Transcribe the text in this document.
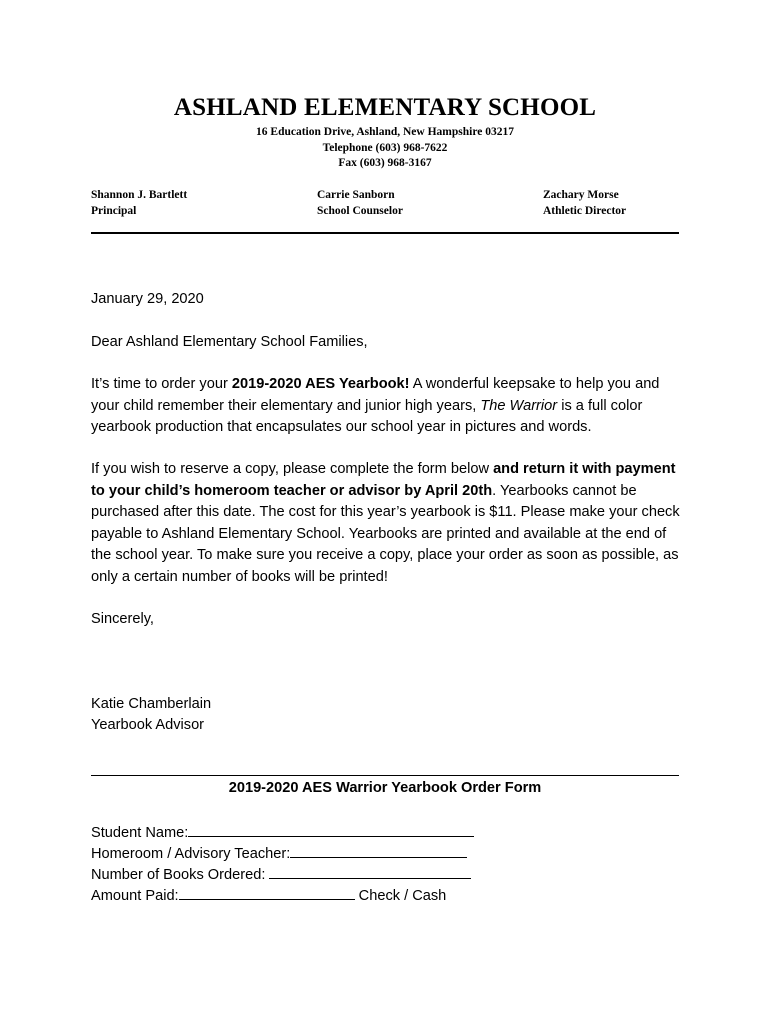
ASHLAND ELEMENTARY SCHOOL
16 Education Drive, Ashland, New Hampshire 03217
Telephone (603) 968-7622
Fax (603) 968-3167
Shannon J. Bartlett
Principal
Carrie Sanborn
School Counselor
Zachary Morse
Athletic Director
January 29, 2020
Dear Ashland Elementary School Families,

It’s time to order your 2019-2020 AES Yearbook! A wonderful keepsake to help you and your child remember their elementary and junior high years, The Warrior is a full color yearbook production that encapsulates our school year in pictures and words.

If you wish to reserve a copy, please complete the form below and return it with payment to your child’s homeroom teacher or advisor by April 20th. Yearbooks cannot be purchased after this date. The cost for this year’s yearbook is $11. Please make your check payable to Ashland Elementary School. Yearbooks are printed and available at the end of the school year. To make sure you receive a copy, place your order as soon as possible, as only a certain number of books will be printed!

Sincerely,
Katie Chamberlain
Yearbook Advisor
2019-2020 AES Warrior Yearbook Order Form
Student Name:
Homeroom / Advisory Teacher:
Number of Books Ordered:
Amount Paid:	Check / Cash
